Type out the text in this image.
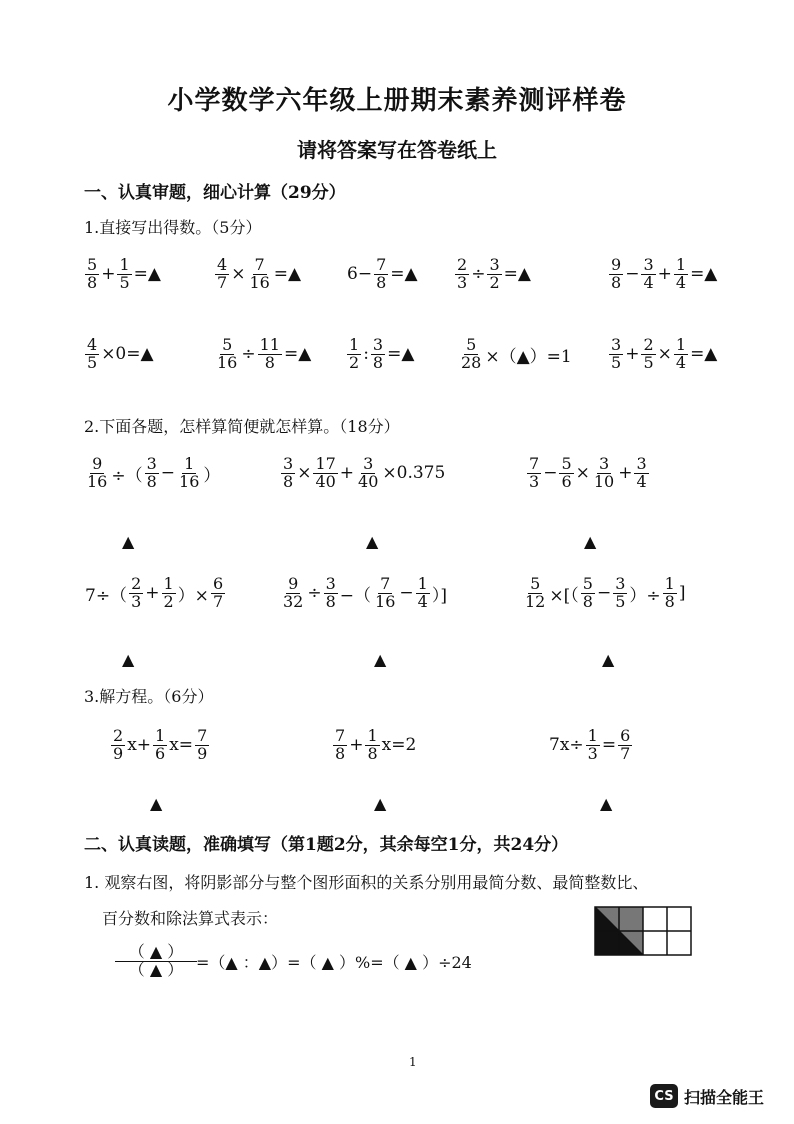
小学数学六年级上册期末素养测评样卷
请将答案写在答卷纸上
一、认真审题，细心计算（29分）
1.直接写出得数。（5分）
$\frac{5}{8} + \frac{1}{5}$ =▲	$\frac{4}{7} \times \frac{7}{16}$ =▲	$6- \frac{7}{8}$ =▲ $\frac{2}{3} \div \frac{3}{2}$ =▲	$\frac{9}{8} - \frac{3}{4} + \frac{1}{4}$ =▲
$\frac{4}{5}$ ×0=▲	$\frac{5}{16} \div \frac{11}{8}$ =▲ $\frac{1}{2}$ : $\frac{3}{8}$ =▲	$\frac{5}{28}$ ×（▲）=1 $\frac{3}{5} + \frac{2}{5} \times \frac{1}{4}$ =▲
2.下面各题，怎样算简便就怎样算。（18分）
$\frac{9}{16}$ ÷（ $\frac{3}{8} - \frac{1}{16}$ ）	$\frac{3}{8} \times \frac{17}{40} + \frac{3}{40} \times 0.375$	$\frac{7}{3} - \frac{5}{6} \times \frac{3}{10} + \frac{3}{4}$
▲	▲	▲
$7\div( \frac{2}{3} + \frac{1}{2}$ ）× $\frac{6}{7}$	$\frac{9}{32} \div \frac{3}{8}$ −（ $\frac{7}{16} - \frac{1}{4}$ ）]	$\frac{5}{12}$ ×[（ $\frac{5}{8} - \frac{3}{5}$ ）÷ $\frac{1}{8}$ ]
▲	▲	▲
3.解方程。（6分）
$\frac{2}{9} x+ \frac{1}{6} x= \frac{7}{9}$	$\frac{7}{8} + \frac{1}{8} x=2$	$7x\div \frac{1}{3} = \frac{6}{7}$
▲	▲	▲
二、认真读题，准确填写（第1题2分，其余每空1分，共24分）
1. 观察右图，将阴影部分与整个图形面积的关系分别用最简分数、最简整数比、
百分数和除法算式表示：
$\frac{( ▲ )}{( ▲ )}$ =（▲ ：▲）=（ ▲ ）%=（ ▲ ）÷24
1
CS 扫描全能王
